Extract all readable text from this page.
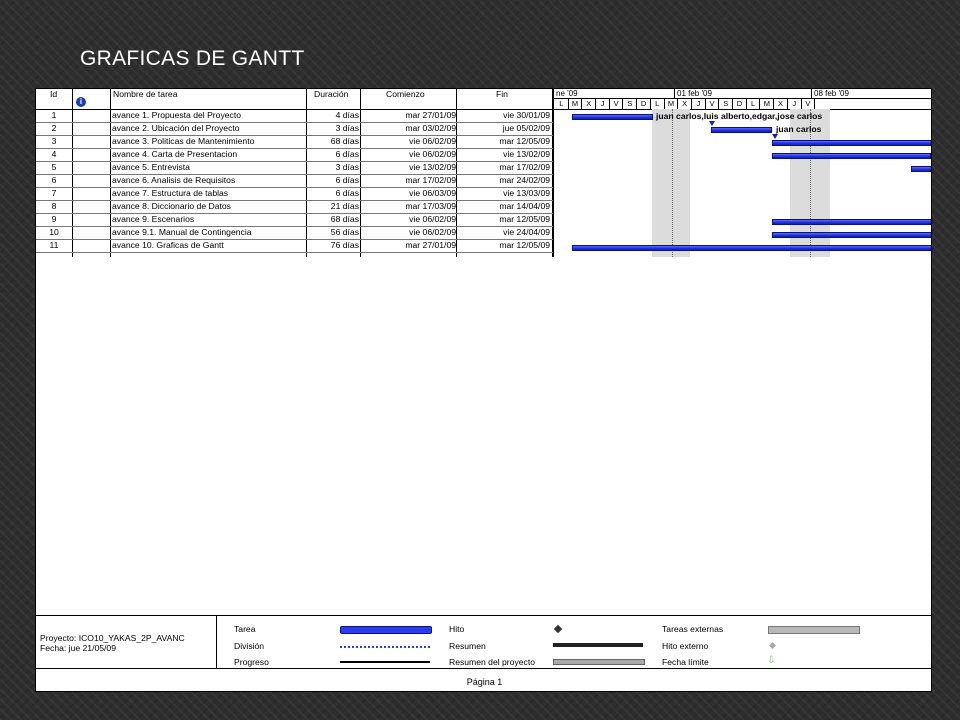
GRAFICAS DE GANTT
Id
i
Nombre de tarea	Duración	Comienzo	Fin
1	avance 1. Propuesta del Proyecto	4 días	mar 27/01/09	vie 30/01/09
2	avance 2. Ubicación del Proyecto	3 días	mar 03/02/09	jue 05/02/09
3	avance 3. Politicas de Mantenimiento	68 días	vie 06/02/09	mar 12/05/09
4	avance 4. Carta de Presentacion	6 días	vie 06/02/09	vie 13/02/09
5	avance 5. Entrevista	3 días	vie 13/02/09	mar 17/02/09
6	avance 6. Analisis de Requisitos	6 días	mar 17/02/09	mar 24/02/09
7	avance 7. Estructura de tablas	6 días	vie 06/03/09	vie 13/03/09
8	avance 8. Diccionario de Datos	21 días	mar 17/03/09	mar 14/04/09
9	avance 9. Escenarios	68 días	vie 06/02/09	mar 12/05/09
10	avance 9.1. Manual de Contingencia	56 días	vie 06/02/09	vie 24/04/09
11	avance 10. Graficas de Gantt	76 días	mar 27/01/09	mar 12/05/09
ne '09	01 feb '09	08 feb '09
L	M	X	J	V	S	D	L	M	X	J	V	S	D	L	M	X	J	V
juan carlos,luis alberto,edgar,jose carlos
juan carlos
Proyecto: ICO10_YAKAS_2P_AVANC
Fecha: jue 21/05/09
Tarea
División
Progreso
Hito
Resumen
Resumen del proyecto
Tareas externas
Hito externo
Fecha límite	⇩
Página 1
